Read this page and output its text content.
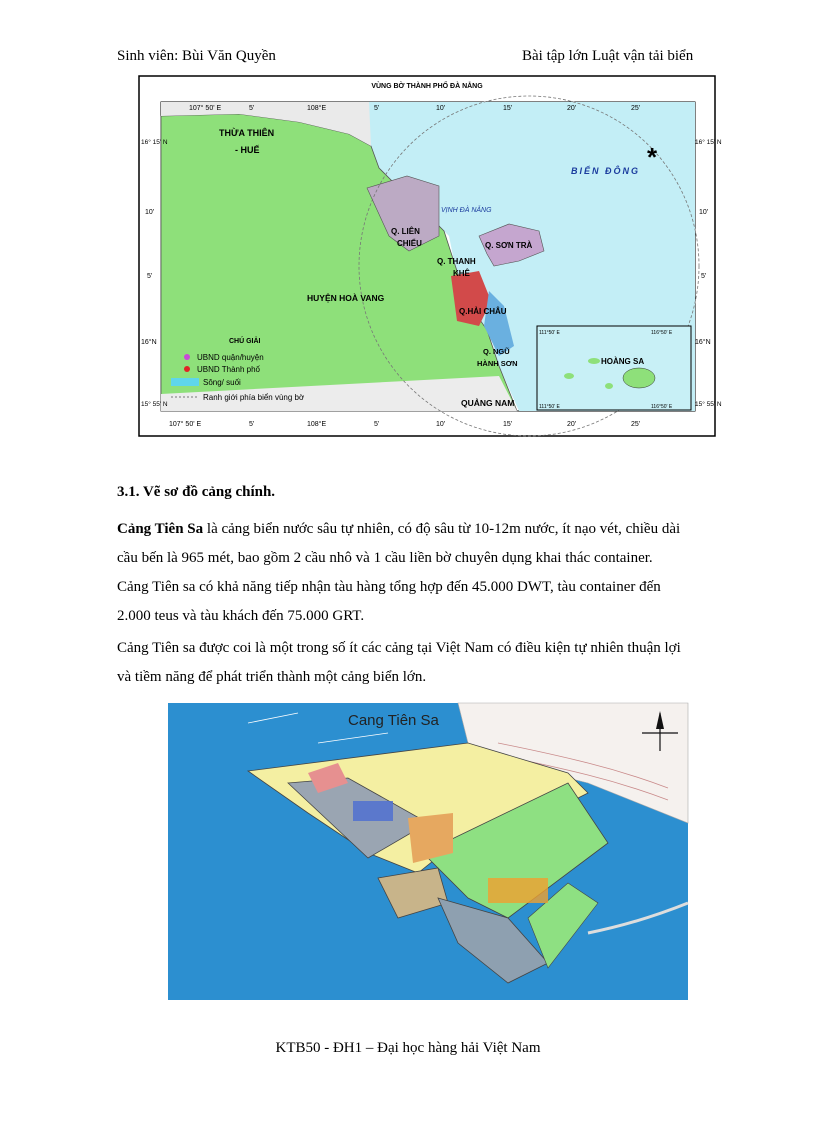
Sinh viên: Bùi Văn Quyền	Bài tập lớn Luật vận tải biển
VÙNG BỜ THÀNH PHỐ ĐÀ NẴNG
107° 50' E	5'	108°E	5'	10'	15'	20'	25'
107° 50' E	5'	108°E	5'	10'	15'	20'	25'
16° 15' N
10'
5'
16°N
15° 55' N
16° 15' N
10'
5'
16°N
15° 55' N
THỪA THIÊN
- HUẾ
BIỂN ĐÔNG *
VỊNH ĐÀ NẴNG
Q. LIÊN
CHIỂU	Q. SƠN TRÀ
Q. THANH
KHÊ
HUYỆN HOÀ VANG
Q.HẢI CHÂU
Q. NGŨ
HÀNH SƠN
QUẢNG NAM
HOÀNG SA
111°50' E	116°50' E
111°50' E	116°50' E
CHÚ GIẢI
UBND quận/huyện
UBND Thành phố
Sông/ suối
Ranh giới phía biển vùng bờ
3.1. Vẽ sơ đồ cảng chính.
Cảng Tiên Sa là cảng biển nước sâu tự nhiên, có độ sâu từ 10-12m nước, ít nạo vét, chiều dài
cầu bến là 965 mét, bao gồm 2 cầu nhô và 1 cầu liền bờ chuyên dụng khai thác container.
Cảng Tiên sa có khả năng tiếp nhận tàu hàng tổng hợp đến 45.000 DWT, tàu container đến
2.000 teus và tàu khách đến 75.000 GRT.
Cảng Tiên sa được coi là một trong số ít các cảng tại Việt Nam có điều kiện tự nhiên thuận lợi
và tiềm năng để phát triển thành một cảng biển lớn.
Cang Tiên Sa
KTB50 - ĐH1 – Đại học hàng hải Việt Nam
